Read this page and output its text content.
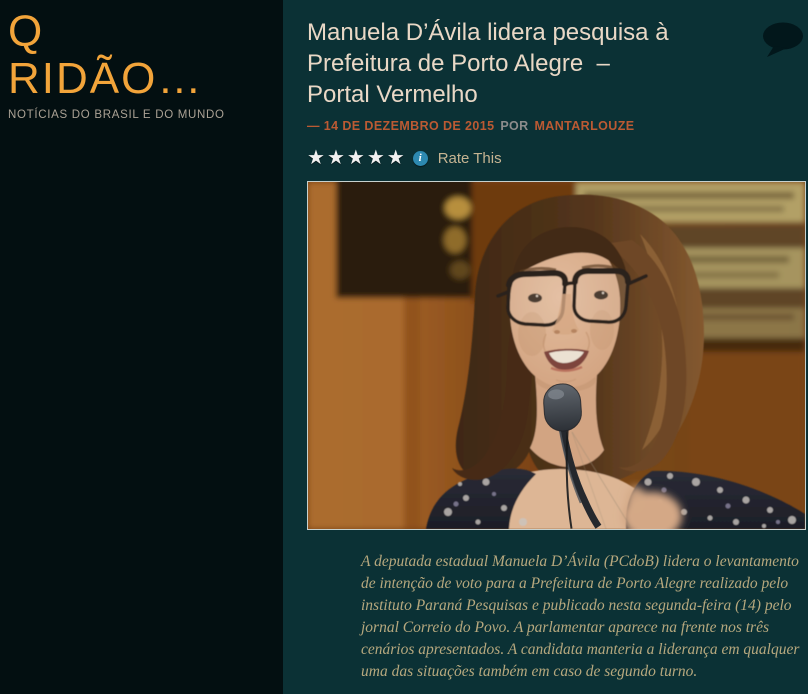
Q
RIDÃO…

NOTÍCIAS DO BRASIL E DO MUNDO

Manuela D’Ávila lidera pesquisa à
Prefeitura de Porto Alegre  –
Portal Vermelho

— 14 DE DEZEMBRO DE 2015 POR MANTARLOUZE

★ ★ ★ ★ ★	i	Rate This

A deputada estadual Manuela D’Ávila (PCdoB) lidera o levantamento de intenção de voto para a Prefeitura de Porto Alegre realizado pelo instituto Paraná Pesquisas e publicado nesta segunda-feira (14) pelo jornal Correio do Povo. A parlamentar aparece na frente nos três cenários apresentados. A candidata manteria a liderança em qualquer uma das situações também em caso de segundo turno.
